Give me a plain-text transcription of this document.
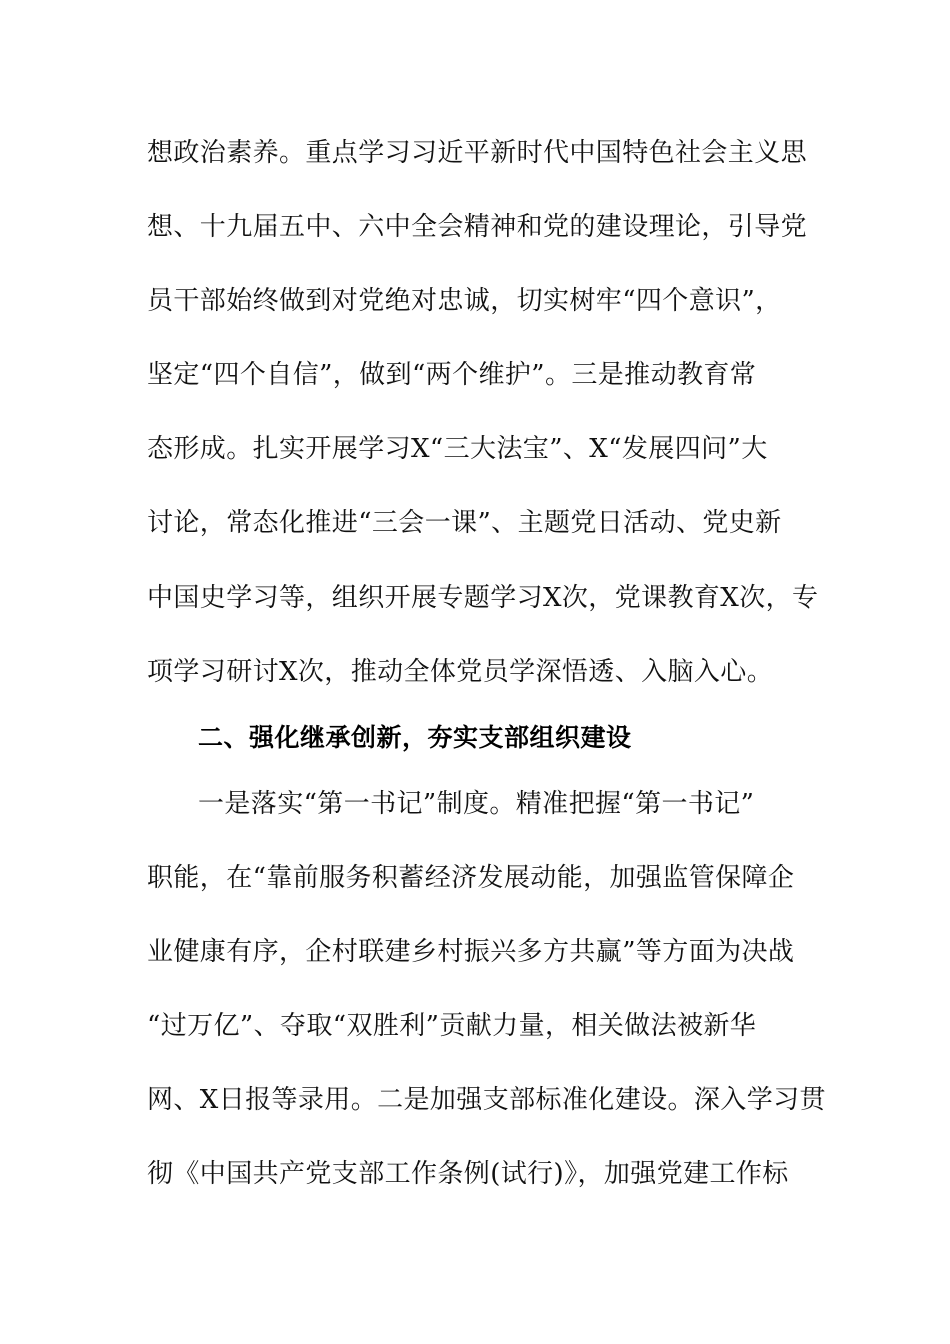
想政治素养。重点学习习近平新时代中国特色社会主义思
想、十九届五中、六中全会精神和党的建设理论，引导党
员干部始终做到对党绝对忠诚，切实树牢“四个意识”，
坚定“四个自信”，做到“两个维护”。三是推动教育常
态形成。扎实开展学习X“三大法宝”、X“发展四问”大
讨论，常态化推进“三会一课”、主题党日活动、党史新
中国史学习等，组织开展专题学习X次，党课教育X次，专
项学习研讨X次，推动全体党员学深悟透、入脑入心。
二、强化继承创新，夯实支部组织建设
一是落实“第一书记”制度。精准把握“第一书记”
职能，在“靠前服务积蓄经济发展动能，加强监管保障企
业健康有序，企村联建乡村振兴多方共赢”等方面为决战
“过万亿”、夺取“双胜利”贡献力量，相关做法被新华
网、X日报等录用。二是加强支部标准化建设。深入学习贯
彻《中国共产党支部工作条例(试行)》，加强党建工作标
